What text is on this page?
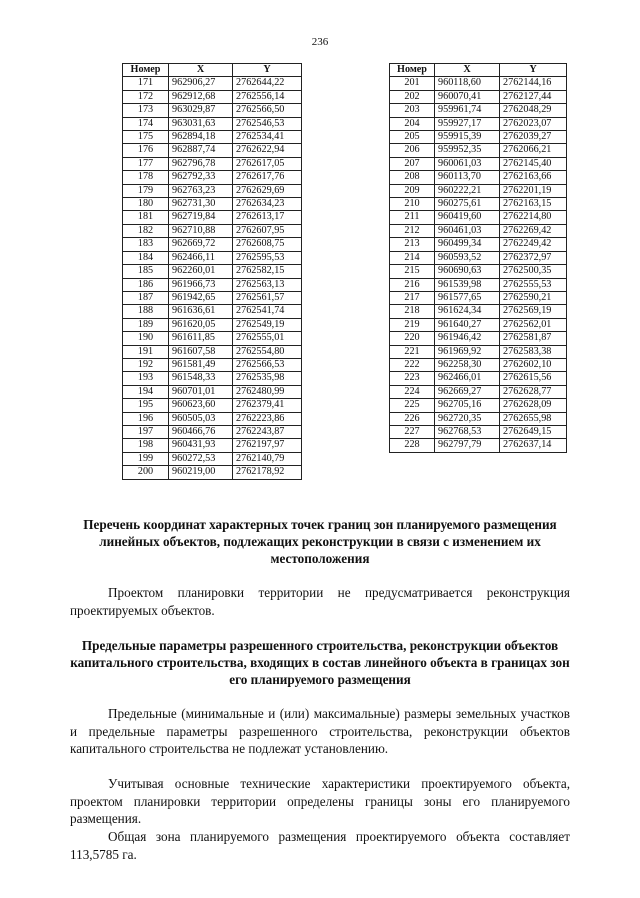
236
Номер	X	Y
171	962906,27	2762644,22
172	962912,68	2762556,14
173	963029,87	2762566,50
174	963031,63	2762546,53
175	962894,18	2762534,41
176	962887,74	2762622,94
177	962796,78	2762617,05
178	962792,33	2762617,76
179	962763,23	2762629,69
180	962731,30	2762634,23
181	962719,84	2762613,17
182	962710,88	2762607,95
183	962669,72	2762608,75
184	962466,11	2762595,53
185	962260,01	2762582,15
186	961966,73	2762563,13
187	961942,65	2762561,57
188	961636,61	2762541,74
189	961620,05	2762549,19
190	961611,85	2762555,01
191	961607,58	2762554,80
192	961581,49	2762566,53
193	961548,33	2762535,98
194	960701,01	2762480,99
195	960623,60	2762379,41
196	960505,03	2762223,86
197	960466,76	2762243,87
198	960431,93	2762197,97
199	960272,53	2762140,79
200	960219,00	2762178,92
Номер	X	Y
201	960118,60	2762144,16
202	960070,41	2762127,44
203	959961,74	2762048,29
204	959927,17	2762023,07
205	959915,39	2762039,27
206	959952,35	2762066,21
207	960061,03	2762145,40
208	960113,70	2762163,66
209	960222,21	2762201,19
210	960275,61	2762163,15
211	960419,60	2762214,80
212	960461,03	2762269,42
213	960499,34	2762249,42
214	960593,52	2762372,97
215	960690,63	2762500,35
216	961539,98	2762555,53
217	961577,65	2762590,21
218	961624,34	2762569,19
219	961640,27	2762562,01
220	961946,42	2762581,87
221	961969,92	2762583,38
222	962258,30	2762602,10
223	962466,01	2762615,56
224	962669,27	2762628,77
225	962705,16	2762628,09
226	962720,35	2762655,98
227	962768,53	2762649,15
228	962797,79	2762637,14
Перечень координат характерных точек границ зон планируемого размещения линейных объектов, подлежащих реконструкции в связи с изменением их местоположения

Проектом планировки территории не предусматривается реконструкция проектируемых объектов.

Предельные параметры разрешенного строительства, реконструкции объектов капитального строительства, входящих в состав линейного объекта в границах зон его планируемого размещения

Предельные (минимальные и (или) максимальные) размеры земельных участков и предельные параметры разрешенного строительства, реконструкции объектов капитального строительства не подлежат установлению.

Учитывая основные технические характеристики проектируемого объекта, проектом планировки территории определены границы зоны его планируемого размещения.

Общая зона планируемого размещения проектируемого объекта составляет 113,5785 га.
